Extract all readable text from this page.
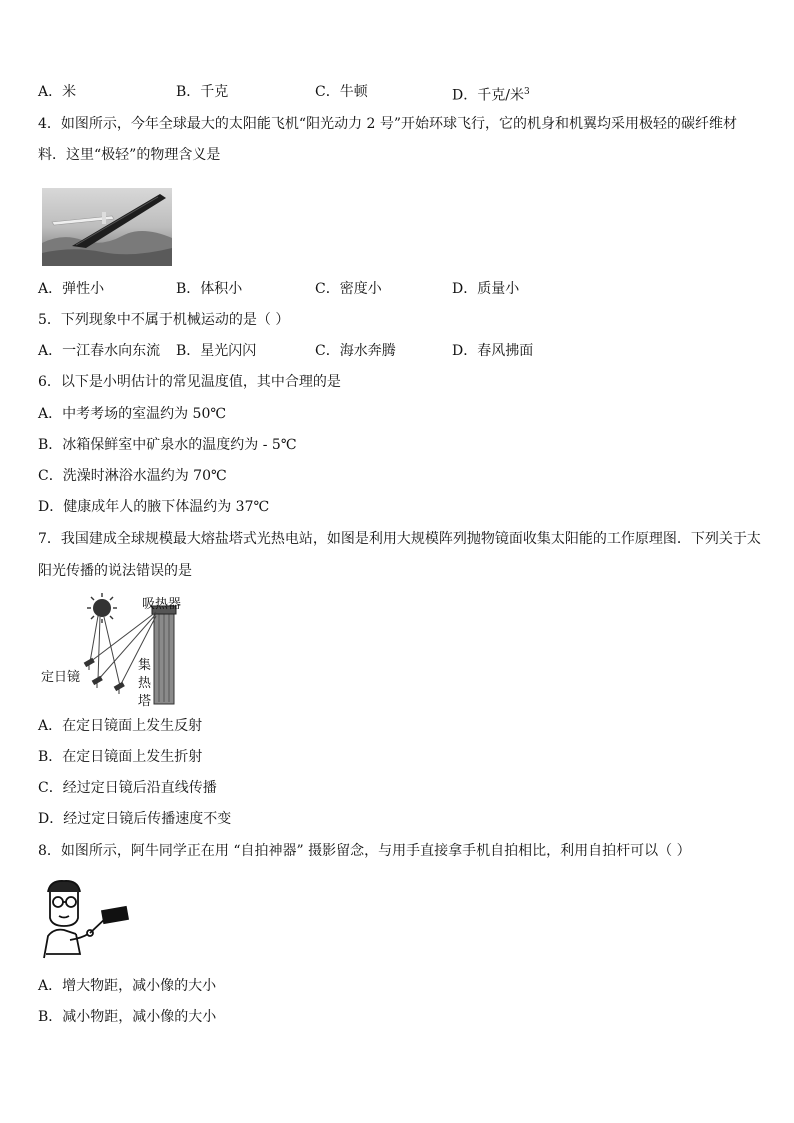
A．米	B．千克	C．牛顿	D．千克/米$^3$
4．如图所示，今年全球最大的太阳能飞机“阳光动力 2 号”开始环球飞行，它的机身和机翼均采用极轻的碳纤维材
料．这里“极轻”的物理含义是
A．弹性小	B．体积小	C．密度小	D．质量小
5．下列现象中不属于机械运动的是（ ）
A．一江春水向东流 B．星光闪闪	C．海水奔腾	D．春风拂面
6．以下是小明估计的常见温度值，其中合理的是
A．中考考场的室温约为 50℃
B．冰箱保鲜室中矿泉水的温度约为 - 5℃
C．洗澡时淋浴水温约为 70℃
D．健康成年人的腋下体温约为 37℃
7．我国建成全球规模最大熔盐塔式光热电站，如图是利用大规模阵列抛物镜面收集太阳能的工作原理图．下列关于太
阳光传播的说法错误的是
吸热器
定日镜
集
热
塔
A．在定日镜面上发生反射
B．在定日镜面上发生折射
C．经过定日镜后沿直线传播
D．经过定日镜后传播速度不变
8．如图所示，阿牛同学正在用 “自拍神器” 摄影留念，与用手直接拿手机自拍相比，利用自拍杆可以（ ）
A．增大物距，减小像的大小
B．减小物距，减小像的大小
